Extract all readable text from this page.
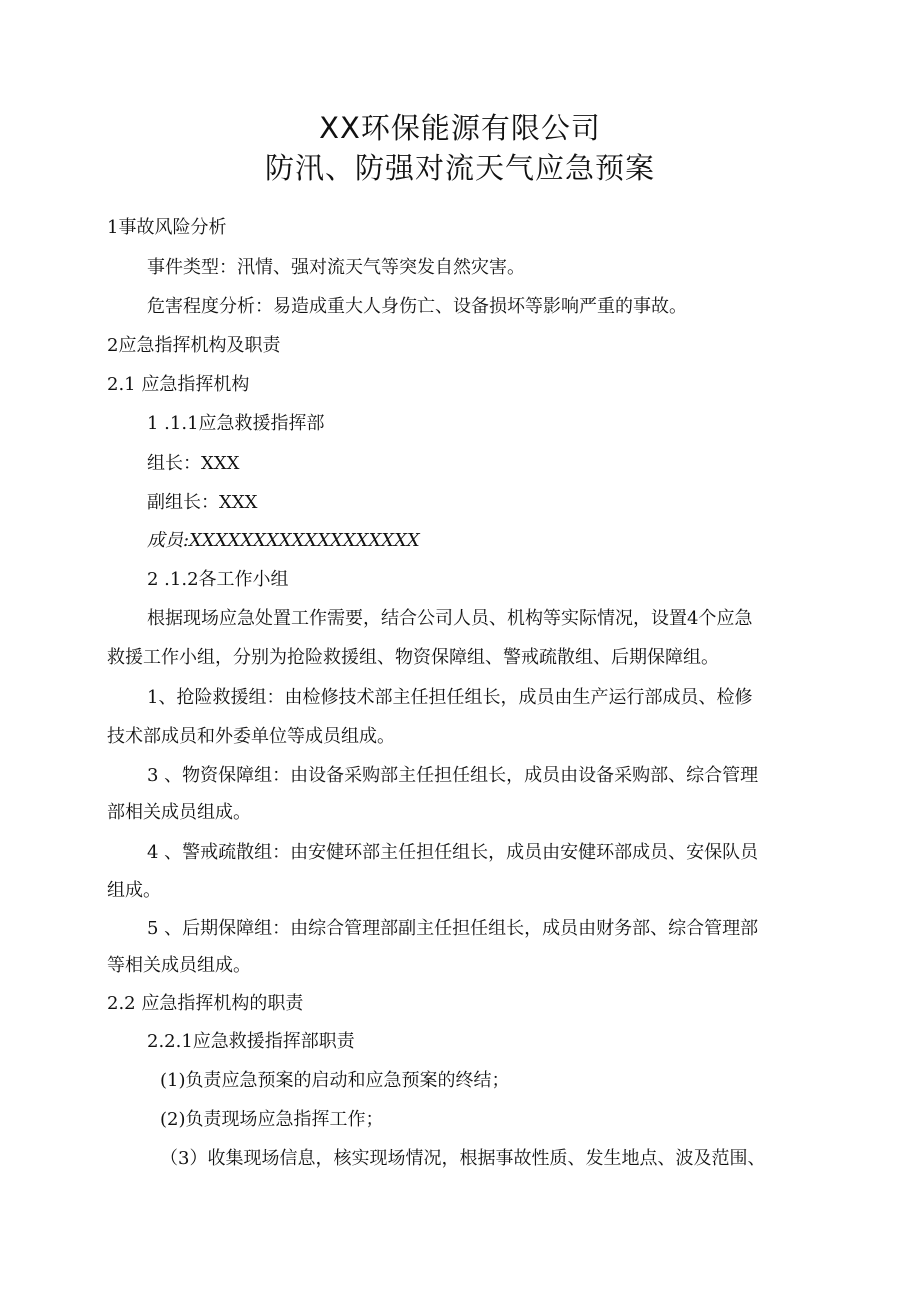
XX环保能源有限公司
防汛、防强对流天气应急预案
1事故风险分析
事件类型：汛情、强对流天气等突发自然灾害。
危害程度分析：易造成重大人身伤亡、设备损坏等影响严重的事故。
2应急指挥机构及职责
2.1 应急指挥机构
1 .1.1应急救援指挥部
组长：XXX
副组长：XXX
成员:XXXXXXXXXXXXXXXXXX
2 .1.2各工作小组
根据现场应急处置工作需要，结合公司人员、机构等实际情况，设置4个应急
救援工作小组，分别为抢险救援组、物资保障组、警戒疏散组、后期保障组。
1、抢险救援组：由检修技术部主任担任组长，成员由生产运行部成员、检修
技术部成员和外委单位等成员组成。
3 、物资保障组：由设备采购部主任担任组长，成员由设备采购部、综合管理
部相关成员组成。
4 、警戒疏散组：由安健环部主任担任组长，成员由安健环部成员、安保队员
组成。
5 、后期保障组：由综合管理部副主任担任组长，成员由财务部、综合管理部
等相关成员组成。
2.2 应急指挥机构的职责
2.2.1应急救援指挥部职责
(1)负责应急预案的启动和应急预案的终结；
(2)负责现场应急指挥工作；
（3）收集现场信息，核实现场情况，根据事故性质、发生地点、波及范围、
